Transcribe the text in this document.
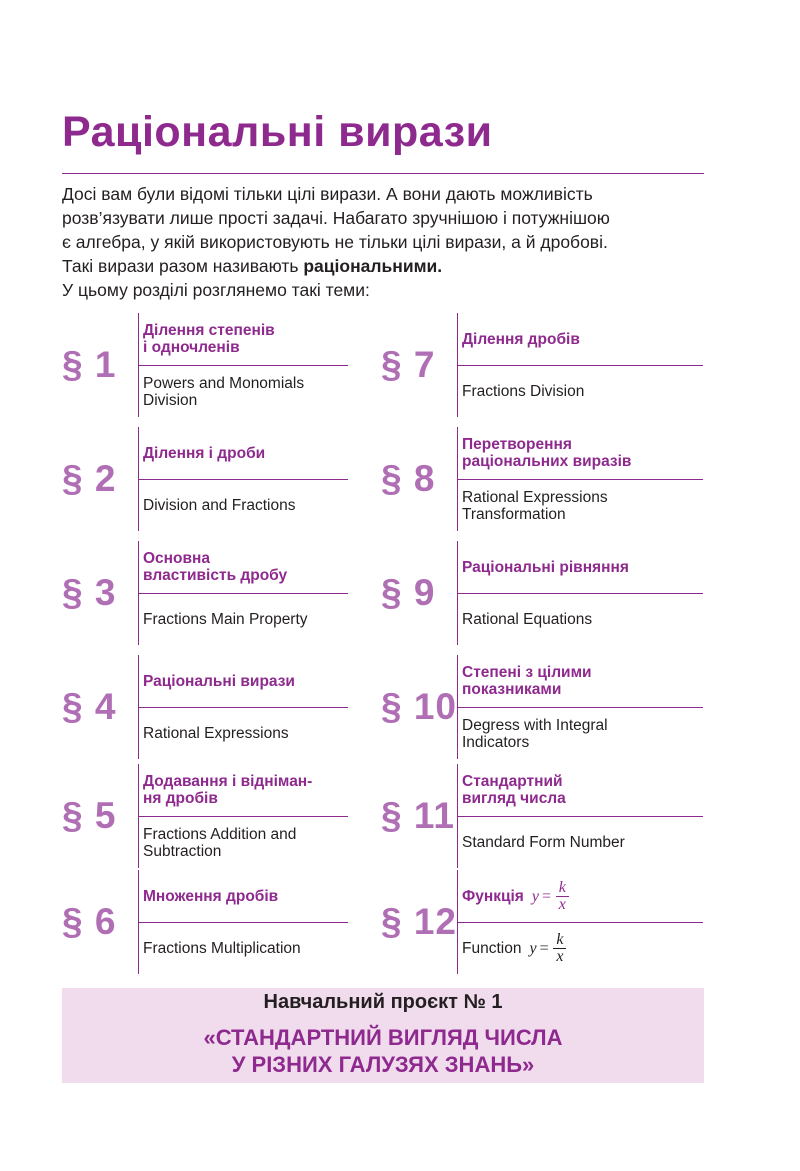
Раціональні вирази

Досі вам були відомі тільки цілі вирази. А вони дають можливість

розв’язувати лише прості задачі. Набагато зручнішою і потужнішою

є алгебра, у якій використовують не тільки цілі вирази, а й дробові.

Такі вирази разом називають раціональними.

У цьому розділі розглянемо такі теми:

§ 1
Ділення степенів
і одночленів
Powers and Monomials
Division
§ 2
Ділення і дроби
Division and Fractions
§ 3
Основна
властивість дробу
Fractions Main Property
§ 4
Раціональні вирази
Rational Expressions
§ 5
Додавання і відніман-
ня дробів
Fractions Addition and
Subtraction
§ 6
Множення дробів
Fractions Multiplication
§ 7
Ділення дробів
Fractions Division
§ 8
Перетворення
раціональних виразів
Rational Expressions
Transformation
§ 9
Раціональні рівняння
Rational Equations
§ 10
Степені з цілими
показниками
Degress with Integral
Indicators
§ 11
Стандартний
вигляд числа
Standard Form Number
§ 12
Функція $y = \frac{k}{x}$
Function $y = \frac{k}{x}$
Навчальний проєкт № 1
«СТАНДАРТНИЙ ВИГЛЯД ЧИСЛА
У РІЗНИХ ГАЛУЗЯХ ЗНАНЬ»
